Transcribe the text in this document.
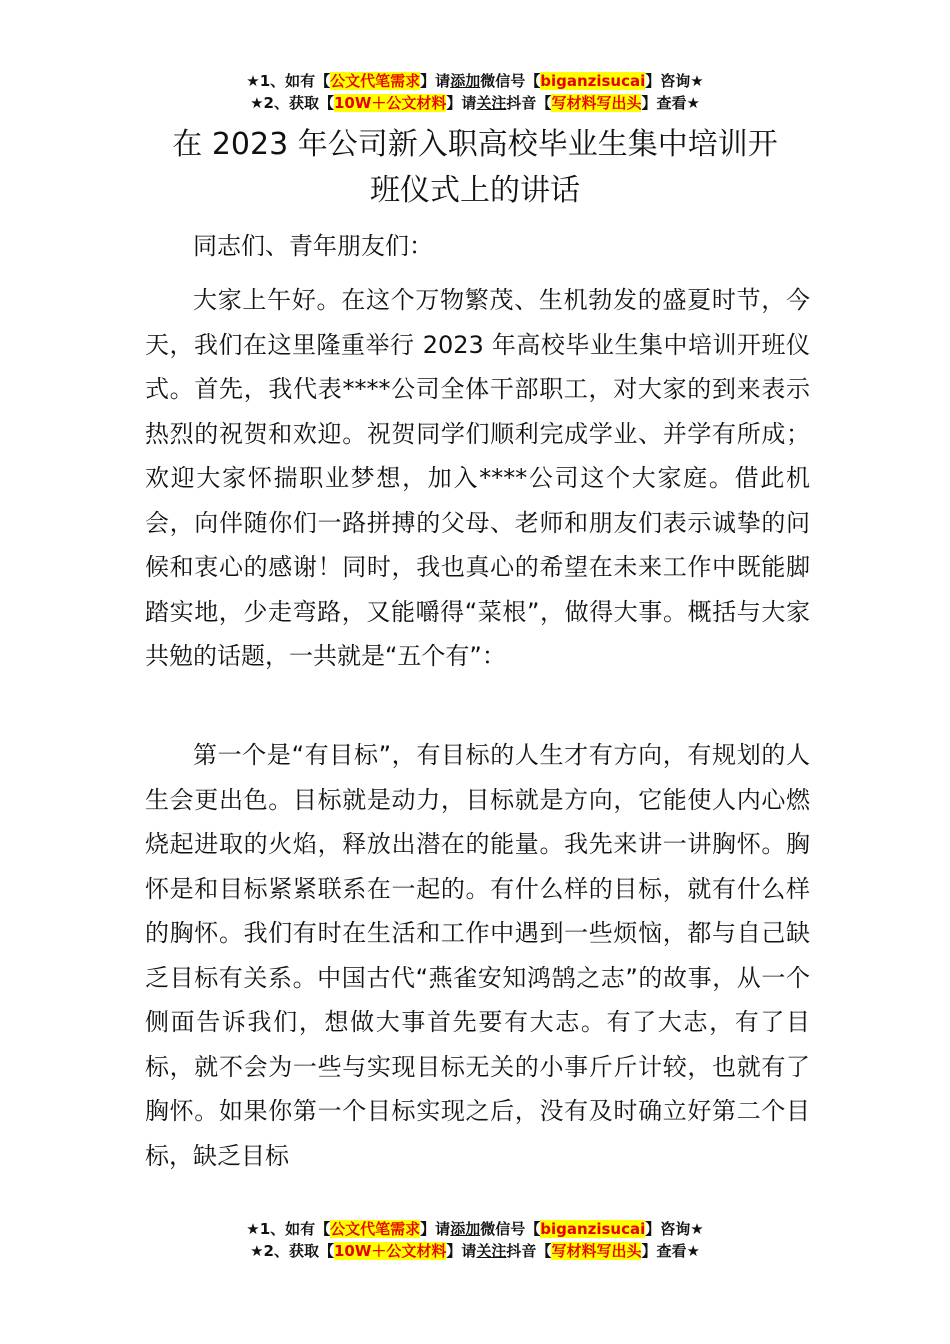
★1、如有【公文代笔需求】请添加微信号【biganzisucai】咨询★
★2、获取【10W＋公文材料】请关注抖音【写材料写出头】查看★
在 2023 年公司新入职高校毕业生集中培训开
班仪式上的讲话

同志们、青年朋友们：

大家上午好。在这个万物繁茂、生机勃发的盛夏时节，今天，我们在这里隆重举行 2023 年高校毕业生集中培训开班仪式。首先，我代表****公司全体干部职工，对大家的到来表示热烈的祝贺和欢迎。祝贺同学们顺利完成学业、并学有所成；欢迎大家怀揣职业梦想，加入****公司这个大家庭。借此机会，向伴随你们一路拼搏的父母、老师和朋友们表示诚挚的问候和衷心的感谢！同时，我也真心的希望在未来工作中既能脚踏实地，少走弯路，又能嚼得“菜根”，做得大事。概括与大家共勉的话题，一共就是“五个有”：

第一个是“有目标”，有目标的人生才有方向，有规划的人生会更出色。目标就是动力，目标就是方向，它能使人内心燃烧起进取的火焰，释放出潜在的能量。我先来讲一讲胸怀。胸怀是和目标紧紧联系在一起的。有什么样的目标，就有什么样的胸怀。我们有时在生活和工作中遇到一些烦恼，都与自己缺乏目标有关系。中国古代“燕雀安知鸿鹄之志”的故事，从一个侧面告诉我们，想做大事首先要有大志。有了大志，有了目标，就不会为一些与实现目标无关的小事斤斤计较，也就有了胸怀。如果你第一个目标实现之后，没有及时确立好第二个目标，缺乏目标

★1、如有【公文代笔需求】请添加微信号【biganzisucai】咨询★
★2、获取【10W＋公文材料】请关注抖音【写材料写出头】查看★
